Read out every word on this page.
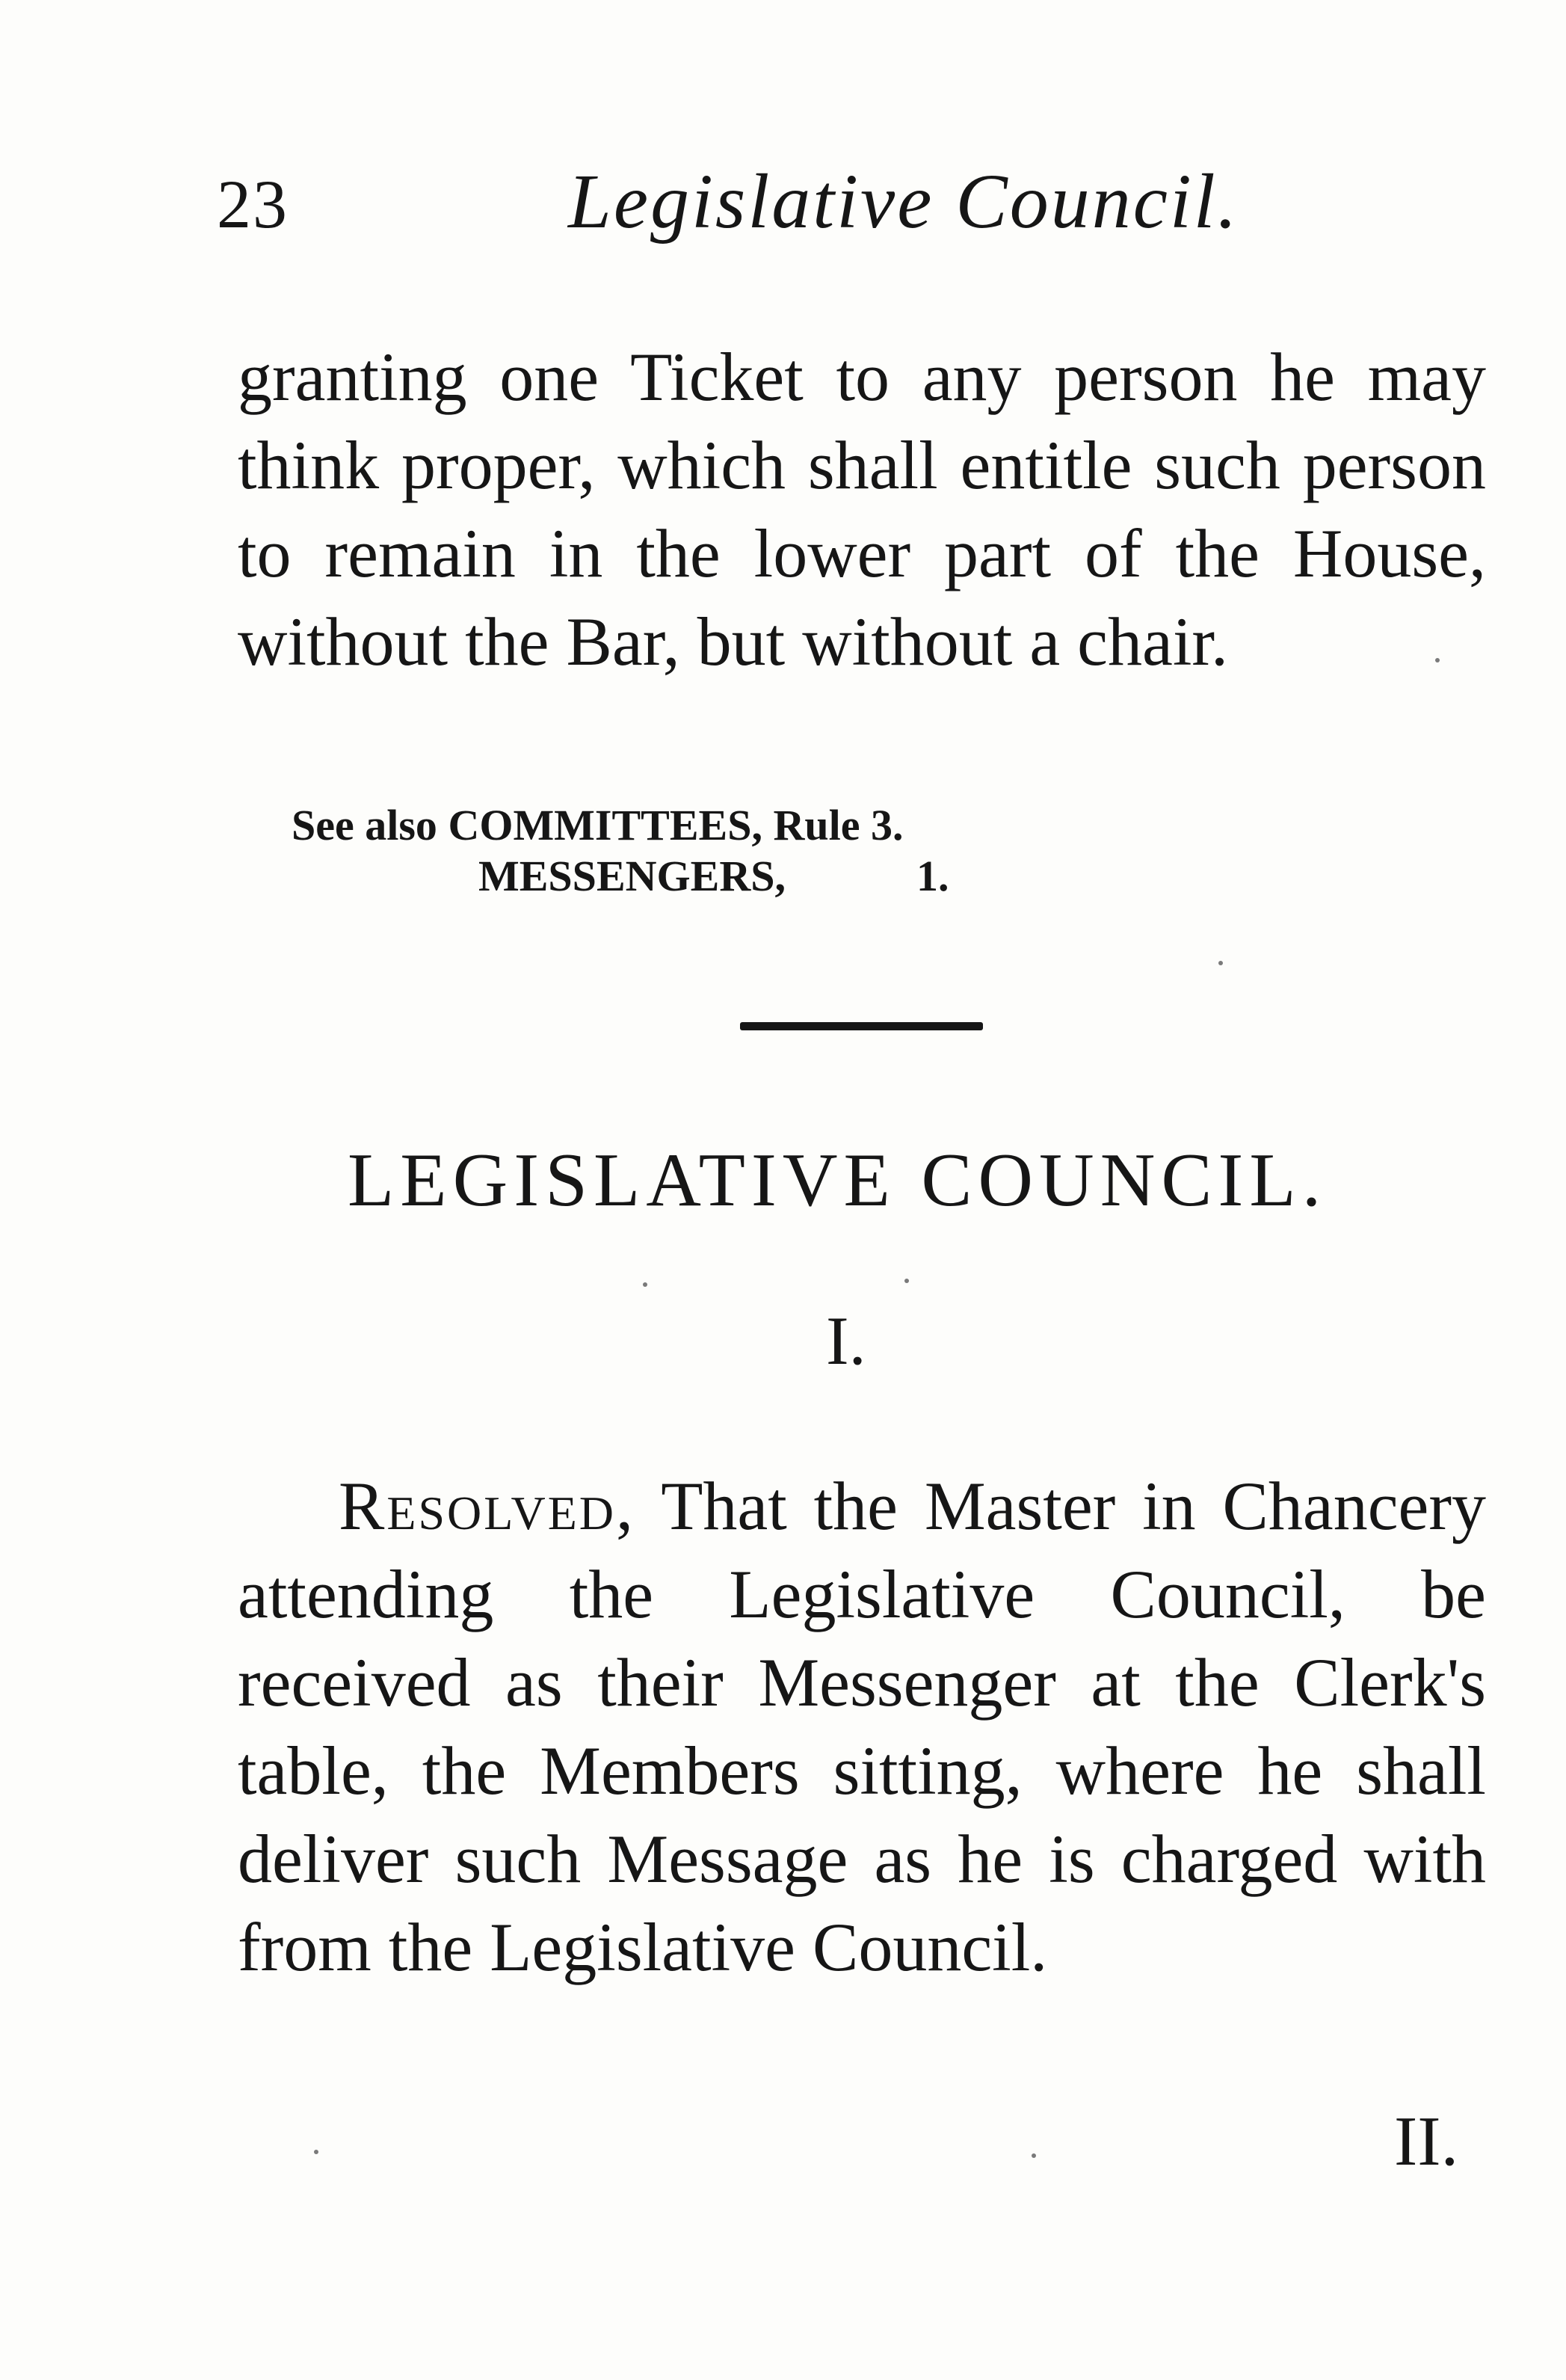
23	Legislative Council.

granting one Ticket to any person he may think proper, which shall entitle such person to remain in the lower part of the House, without the Bar, but without a chair.

See also COMMITTEES, Rule 3.
MESSENGERS,	1.
LEGISLATIVE COUNCIL.
I.

Resolved, That the Master in Chancery attending the Legislative Council, be received as their Messenger at the Clerk's table, the Members sitting, where he shall deliver such Message as he is charged with from the Legislative Council.

II.
